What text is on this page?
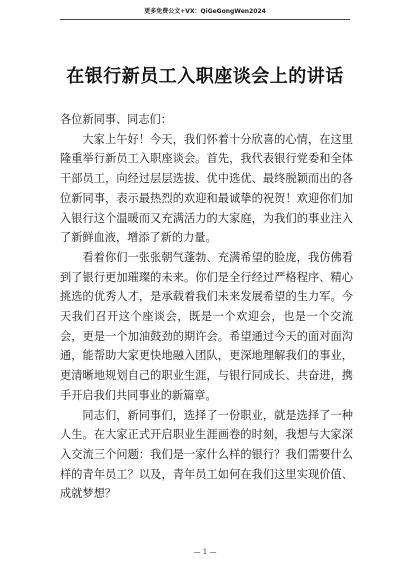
更多免费公文+VX：QiGeGongWen2024
在银行新员工入职座谈会上的讲话

各位新同事、同志们：

大家上午好！今天，我们怀着十分欣喜的心情，在这里隆重举行新员工入职座谈会。首先，我代表银行党委和全体干部员工，向经过层层选拔、优中选优、最终脱颖而出的各位新同事，表示最热烈的欢迎和最诚挚的祝贺！欢迎你们加入银行这个温暖而又充满活力的大家庭，为我们的事业注入了新鲜血液，增添了新的力量。

看着你们一张张朝气蓬勃、充满希望的脸庞，我仿佛看到了银行更加璀璨的未来。你们是全行经过严格程序、精心挑选的优秀人才，是承载着我们未来发展希望的生力军。今天我们召开这个座谈会，既是一个欢迎会，也是一个交流会，更是一个加油鼓劲的期许会。希望通过今天的面对面沟通，能帮助大家更快地融入团队，更深地理解我们的事业，更清晰地规划自己的职业生涯，与银行同成长、共奋进，携手开启我们共同事业的新篇章。

同志们，新同事们，选择了一份职业，就是选择了一种人生。在大家正式开启职业生涯画卷的时刻，我想与大家深入交流三个问题：我们是一家什么样的银行？我们需要什么样的青年员工？以及，青年员工如何在我们这里实现价值、成就梦想？

— 1 —
